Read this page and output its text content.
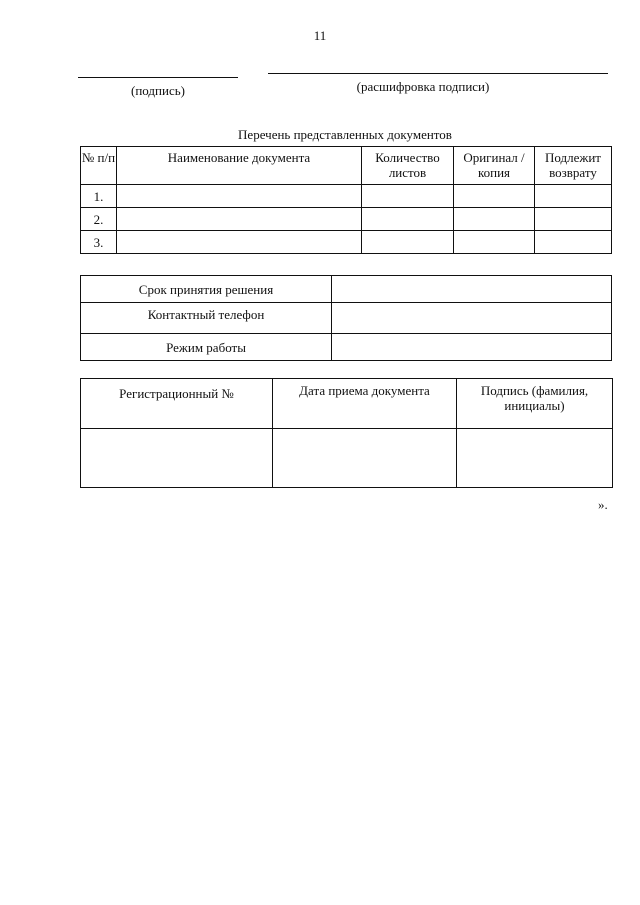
11
(подпись)	(расшифровка подписи)
Перечень представленных документов
№ п/п	Наименование документа	Количество листов	Оригинал /копия	Подлежит возврату
1.				
2.				
3.				
Срок принятия решения	
Контактный телефон	
Режим работы	
Регистрационный №	Дата приема документа	Подпись (фамилия, инициалы)

».
